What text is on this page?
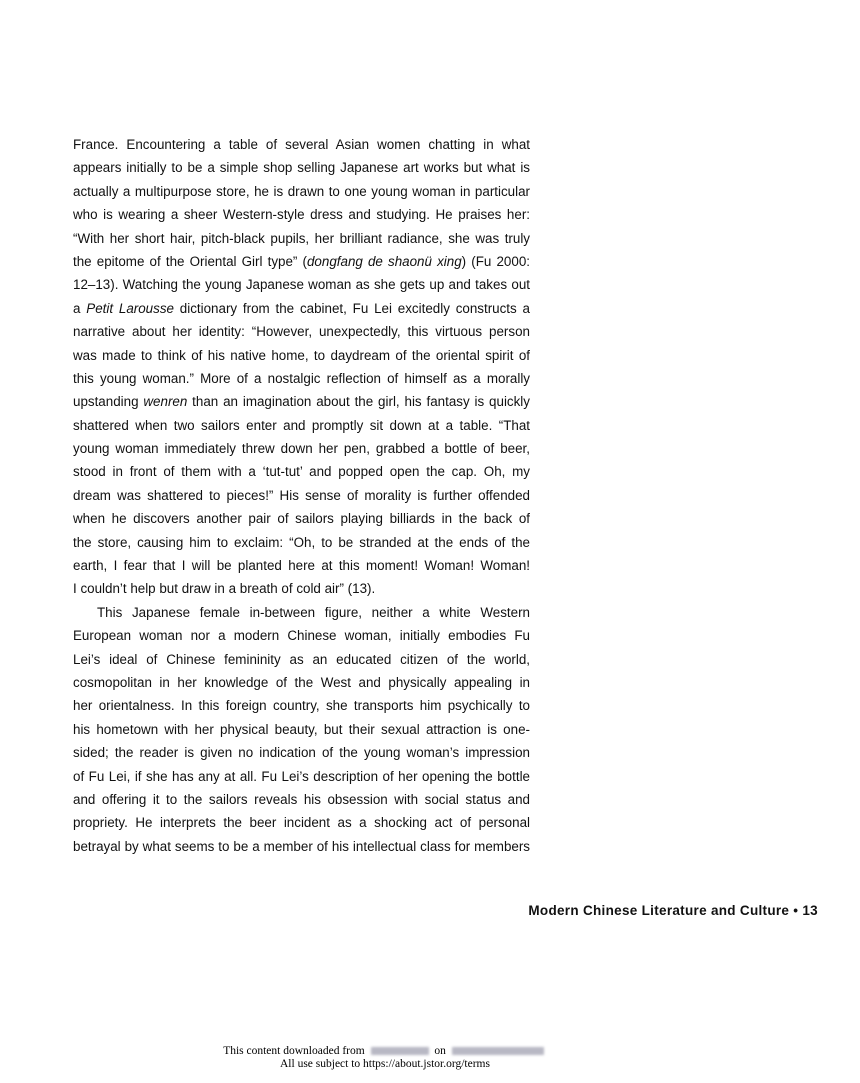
France. Encountering a table of several Asian women chatting in what
appears initially to be a simple shop selling Japanese art works but what is
actually a multipurpose store, he is drawn to one young woman in particular
who is wearing a sheer Western-style dress and studying. He praises her:
“With her short hair, pitch-black pupils, her brilliant radiance, she was truly
the epitome of the Oriental Girl type” (dongfang de shaonü xing) (Fu 2000:
12–13). Watching the young Japanese woman as she gets up and takes out
a Petit Larousse dictionary from the cabinet, Fu Lei excitedly constructs a
narrative about her identity: “However, unexpectedly, this virtuous person
was made to think of his native home, to daydream of the oriental spirit of
this young woman.” More of a nostalgic reflection of himself as a morally
upstanding wenren than an imagination about the girl, his fantasy is quickly
shattered when two sailors enter and promptly sit down at a table. “That
young woman immediately threw down her pen, grabbed a bottle of beer,
stood in front of them with a ‘tut-tut’ and popped open the cap. Oh, my
dream was shattered to pieces!” His sense of morality is further offended
when he discovers another pair of sailors playing billiards in the back of
the store, causing him to exclaim: “Oh, to be stranded at the ends of the
earth, I fear that I will be planted here at this moment! Woman! Woman!
I couldn’t help but draw in a breath of cold air” (13).
This Japanese female in-between figure, neither a white Western
European woman nor a modern Chinese woman, initially embodies Fu
Lei’s ideal of Chinese femininity as an educated citizen of the world,
cosmopolitan in her knowledge of the West and physically appealing in
her orientalness. In this foreign country, she transports him psychically to
his hometown with her physical beauty, but their sexual attraction is one-
sided; the reader is given no indication of the young woman’s impression
of Fu Lei, if she has any at all. Fu Lei’s description of her opening the bottle
and offering it to the sailors reveals his obsession with social status and
propriety. He interprets the beer incident as a shocking act of personal
betrayal by what seems to be a member of his intellectual class for members
Modern Chinese Literature and Culture • 13
This content downloaded from	on
All use subject to https://about.jstor.org/terms
